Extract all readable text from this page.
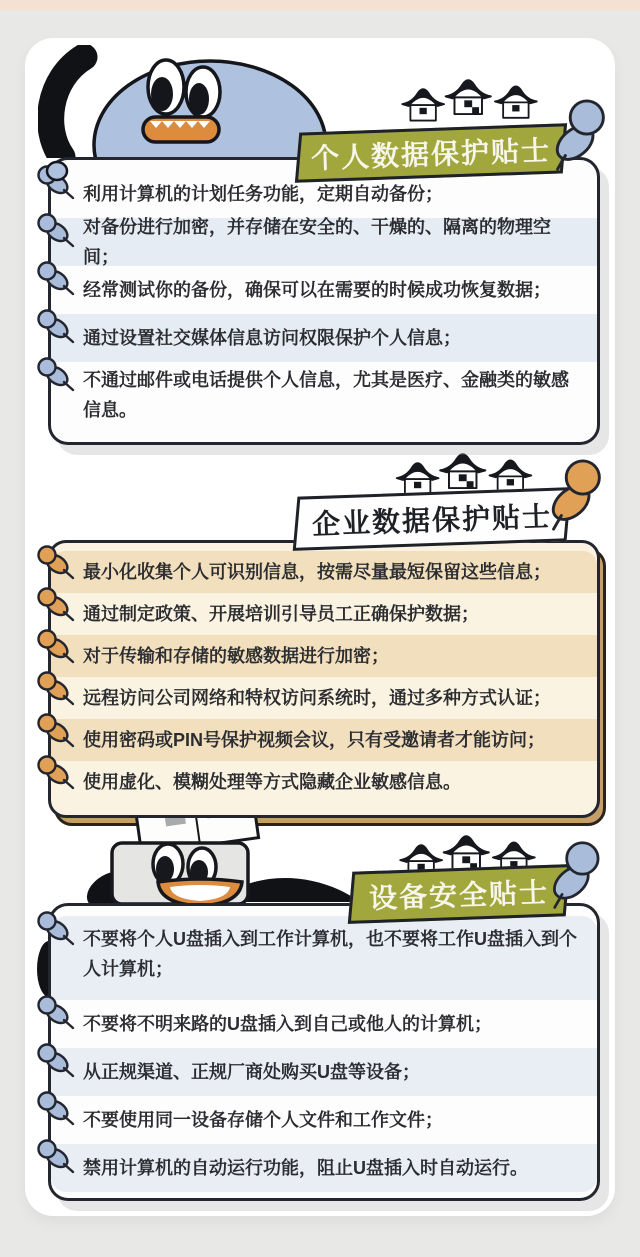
个人数据保护贴士

利用计算机的计划任务功能，定期自动备份；

对备份进行加密，并存储在安全的、干燥的、隔离的物理空间；

经常测试你的备份，确保可以在需要的时候成功恢复数据；

通过设置社交媒体信息访问权限保护个人信息；

不通过邮件或电话提供个人信息，尤其是医疗、金融类的敏感信息。

企业数据保护贴士

最小化收集个人可识别信息，按需尽量最短保留这些信息；

通过制定政策、开展培训引导员工正确保护数据；

对于传输和存储的敏感数据进行加密；

远程访问公司网络和特权访问系统时，通过多种方式认证；

使用密码或PIN号保护视频会议，只有受邀请者才能访问；

使用虚化、模糊处理等方式隐藏企业敏感信息。

设备安全贴士

不要将个人U盘插入到工作计算机，也不要将工作U盘插入到个人计算机；

不要将不明来路的U盘插入到自己或他人的计算机；

从正规渠道、正规厂商处购买U盘等设备；

不要使用同一设备存储个人文件和工作文件；

禁用计算机的自动运行功能，阻止U盘插入时自动运行。
